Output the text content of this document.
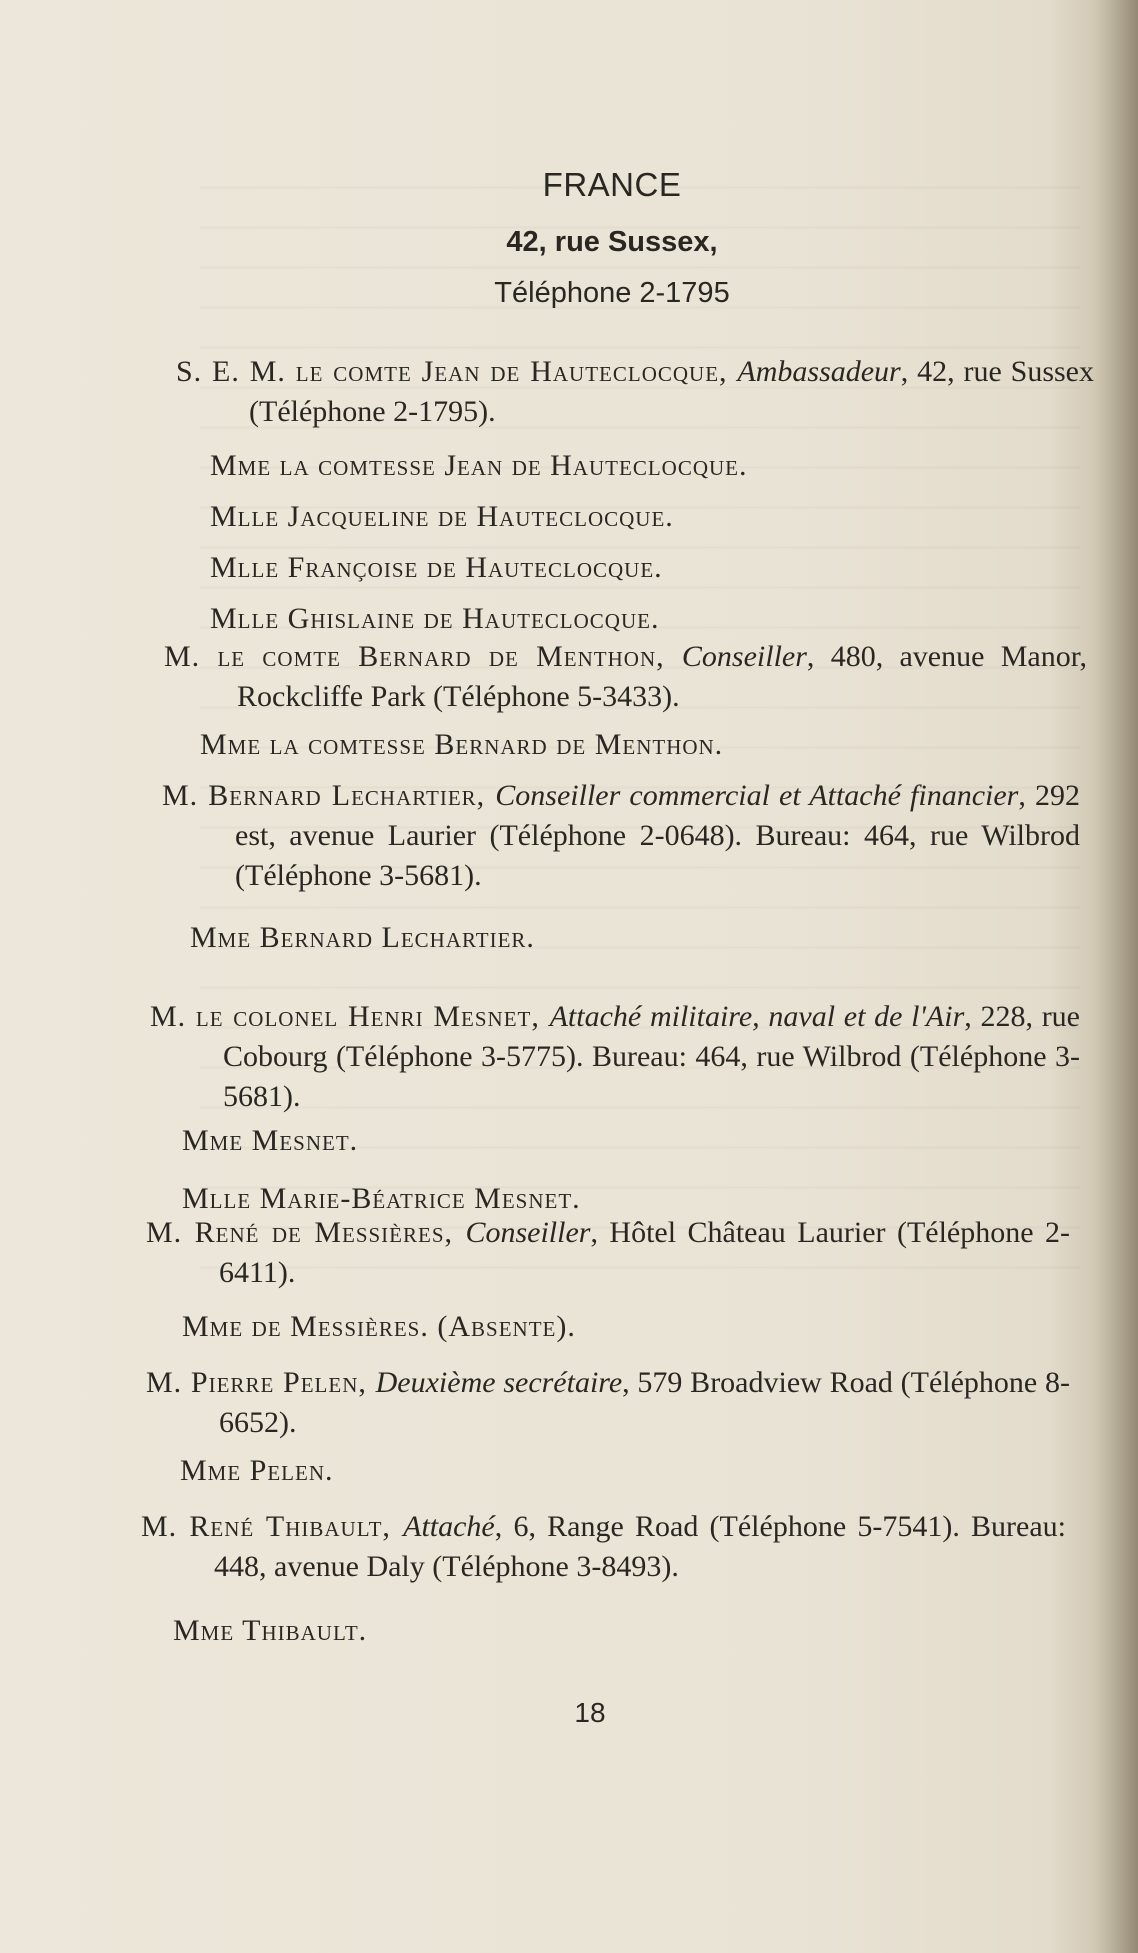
FRANCE
42, rue Sussex,
Téléphone 2-1795
S. E. M. le comte Jean de Hauteclocque, Ambassadeur, 42, rue Sussex (Téléphone 2-1795).
Mme la comtesse Jean de Hauteclocque.
Mlle Jacqueline de Hauteclocque.
Mlle Françoise de Hauteclocque.
Mlle Ghislaine de Hauteclocque.
M. le comte Bernard de Menthon, Conseiller, 480, avenue Manor, Rockcliffe Park (Téléphone 5-3433).
Mme la comtesse Bernard de Menthon.
M. Bernard Lechartier, Conseiller commercial et Attaché financier, 292 est, avenue Laurier (Téléphone 2-0648). Bureau: 464, rue Wilbrod (Téléphone 3-5681).
Mme Bernard Lechartier.
M. le colonel Henri Mesnet, Attaché militaire, naval et de l'Air, 228, rue Cobourg (Téléphone 3-5775). Bureau: 464, rue Wilbrod (Téléphone 3-5681).
Mme Mesnet.
Mlle Marie-Béatrice Mesnet.
M. René de Messières, Conseiller, Hôtel Château Laurier (Téléphone 2-6411).
Mme de Messières. (Absente).
M. Pierre Pelen, Deuxième secrétaire, 579 Broadview Road (Téléphone 8-6652).
Mme Pelen.
M. René Thibault, Attaché, 6, Range Road (Téléphone 5-7541). Bureau: 448, avenue Daly (Téléphone 3-8493).
Mme Thibault.
18
